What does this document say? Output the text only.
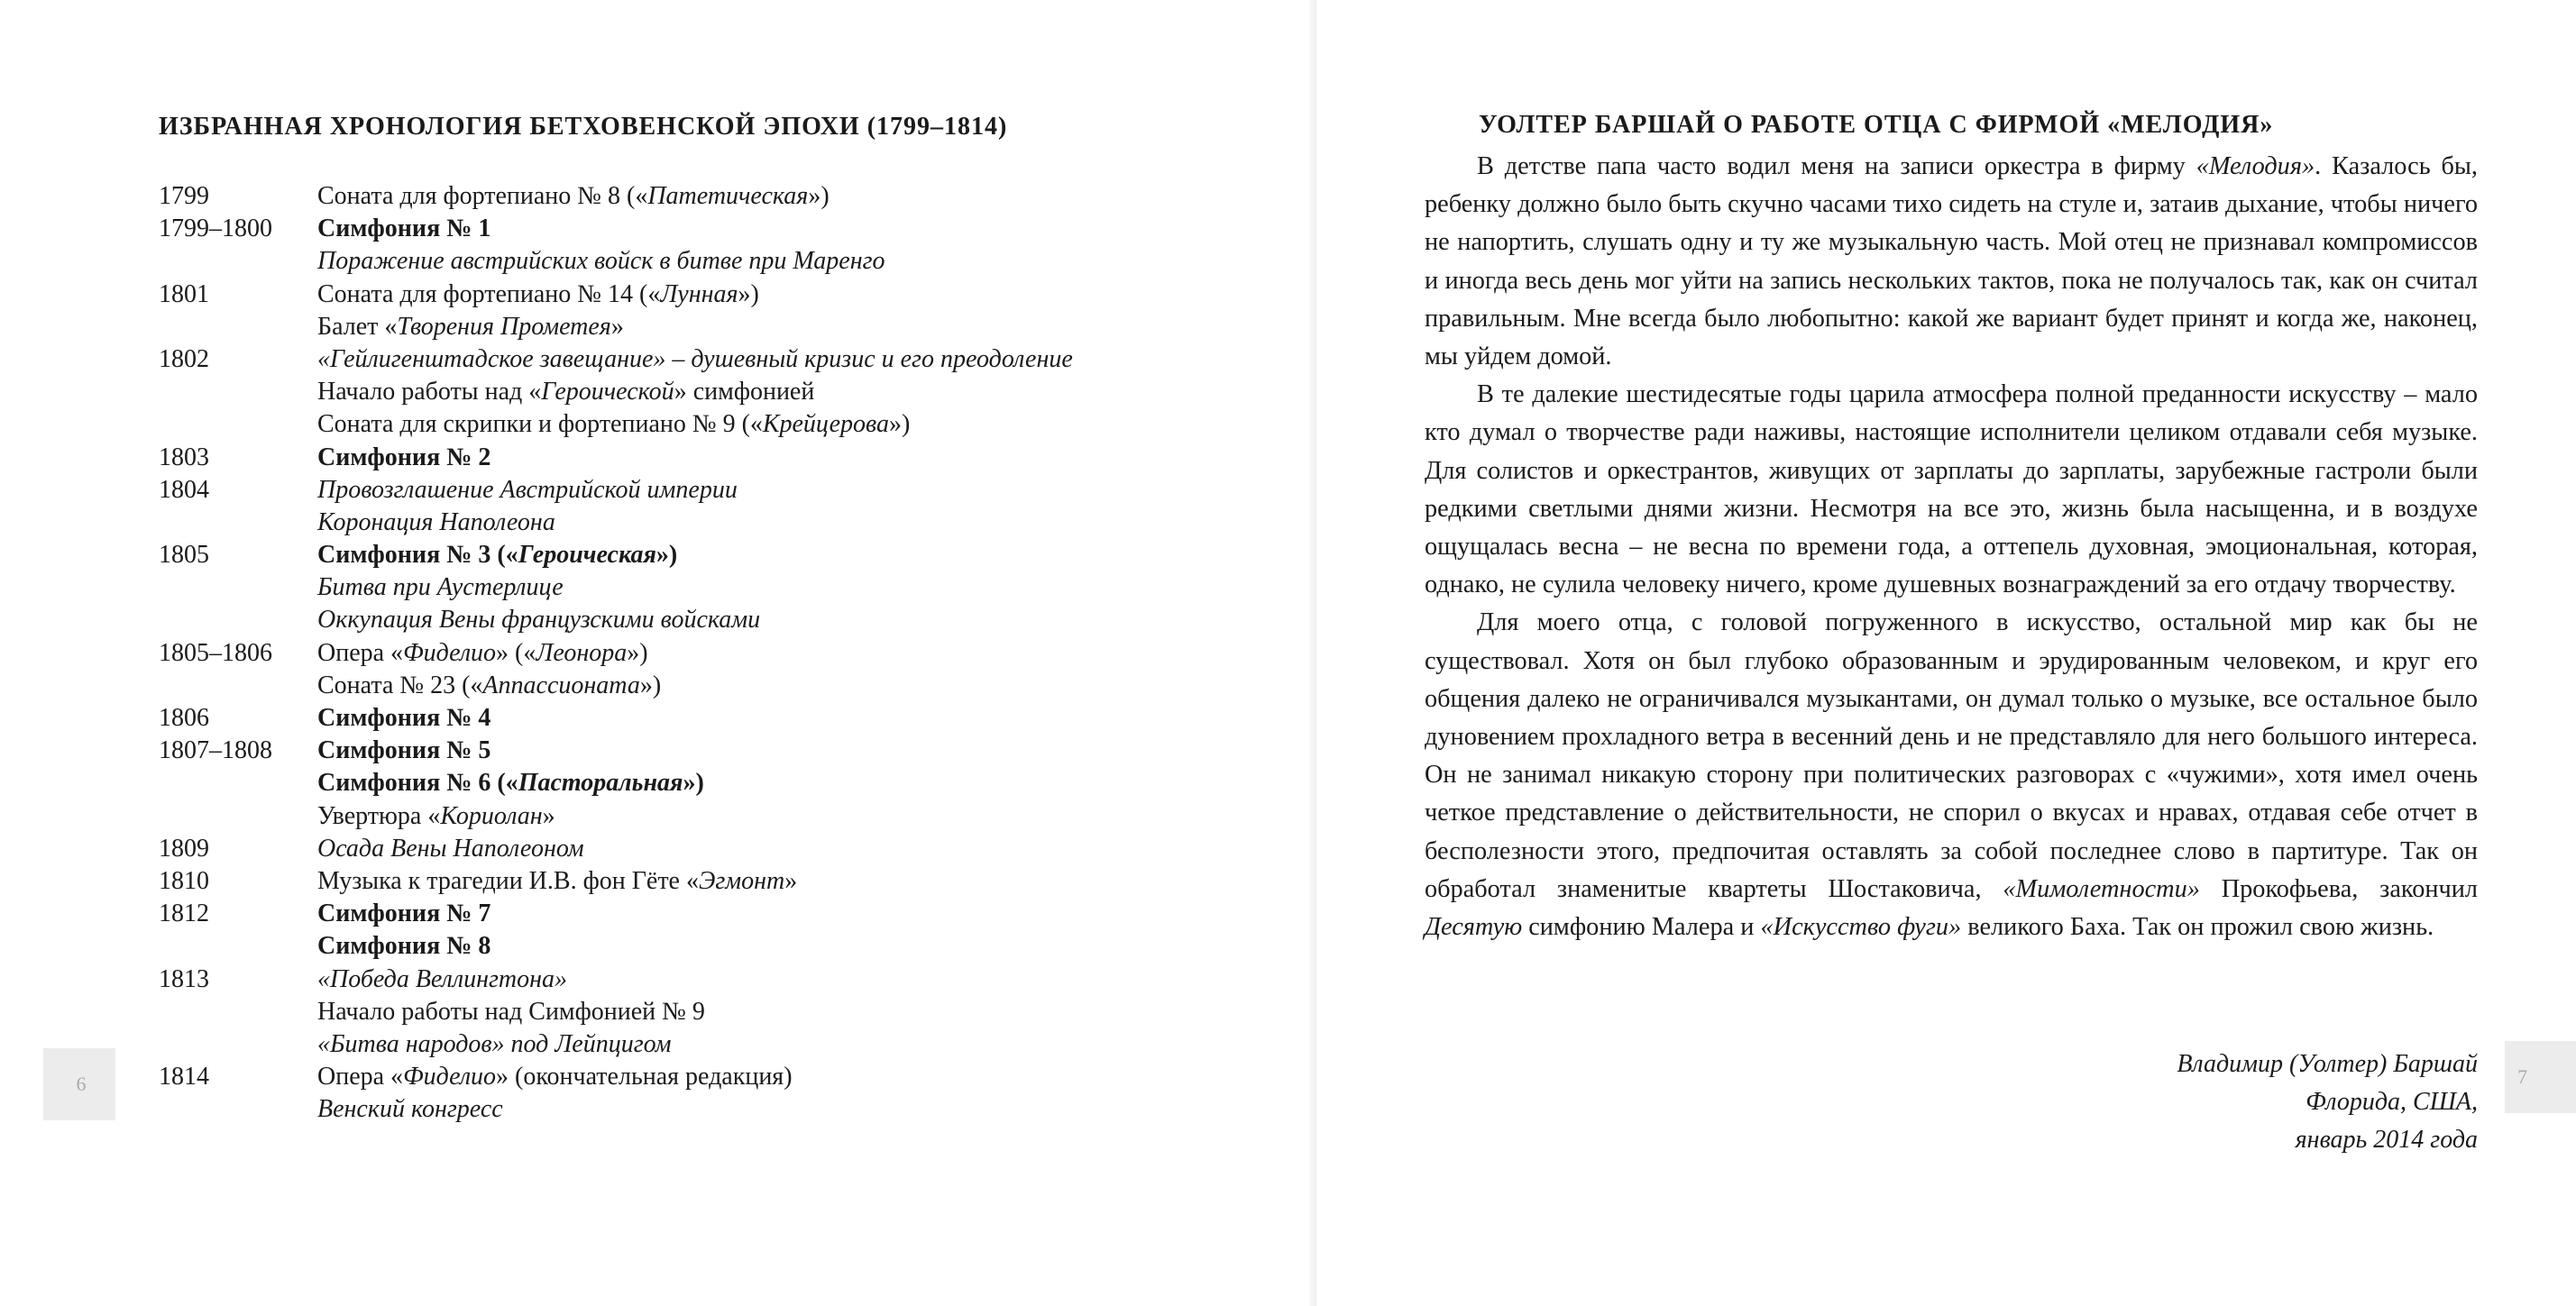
ИЗБРАННАЯ ХРОНОЛОГИЯ БЕТХОВЕНСКОЙ ЭПОХИ (1799–1814)
1799	Соната для фортепиано № 8 («Патетическая»)
1799–1800	Симфония № 1
Поражение австрийских войск в битве при Маренго
1801	Соната для фортепиано № 14 («Лунная»)
Балет «Творения Прометея»
1802	«Гейлигенштадское завещание» – душевный кризис и его преодоление
Начало работы над «Героической» симфонией
Соната для скрипки и фортепиано № 9 («Крейцерова»)
1803	Симфония № 2
1804	Провозглашение Австрийской империи
Коронация Наполеона
1805	Симфония № 3 («Героическая»)
Битва при Аустерлице
Оккупация Вены французскими войсками
1805–1806	Опера «Фиделио» («Леонора»)
Соната № 23 («Аппассионата»)
1806	Симфония № 4
1807–1808	Симфония № 5
Симфония № 6 («Пасторальная»)
Увертюра «Кориолан»
1809	Осада Вены Наполеоном
1810	Музыка к трагедии И.В. фон Гёте «Эгмонт»
1812	Симфония № 7
Симфония № 8
1813	«Победа Веллингтона»
Начало работы над Симфонией № 9
«Битва народов» под Лейпцигом
1814	Опера «Фиделио» (окончательная редакция)
Венский конгресс
6
УОЛТЕР БАРШАЙ О РАБОТЕ ОТЦА С ФИРМОЙ «МЕЛОДИЯ»

В детстве папа часто водил меня на записи оркестра в фирму «Мелодия». Казалось бы, ребенку должно было быть скучно часами тихо сидеть на стуле и, затаив дыхание, чтобы ничего не напортить, слушать одну и ту же музыкальную часть. Мой отец не признавал компромиссов и иногда весь день мог уйти на запись нескольких тактов, пока не получалось так, как он считал правильным. Мне всегда было любопытно: какой же вариант будет принят и когда же, наконец, мы уйдем домой.

В те далекие шестидесятые годы царила атмосфера полной преданности искусству – мало кто думал о творчестве ради наживы, настоящие исполнители целиком отдавали себя музыке. Для солистов и оркестрантов, живущих от зарплаты до зарплаты, зарубежные гастроли были редкими светлыми днями жизни. Несмотря на все это, жизнь была насыщенна, и в воздухе ощущалась весна – не весна по времени года, а оттепель духовная, эмоциональная, которая, однако, не сулила человеку ничего, кроме душевных вознаграждений за его отдачу творчеству.

Для моего отца, с головой погруженного в искусство, остальной мир как бы не существовал. Хотя он был глубоко образованным и эрудированным человеком, и круг его общения далеко не ограничивался музыкантами, он думал только о музыке, все остальное было дуновением прохладного ветра в весенний день и не представляло для него большого интереса. Он не занимал никакую сторону при политических разговорах с «чужими», хотя имел очень четкое представление о действительности, не спорил о вкусах и нравах, отдавая себе отчет в бесполезности этого, предпочитая оставлять за собой последнее слово в партитуре. Так он обработал знаменитые квартеты Шостаковича, «Мимолетности» Прокофьева, закончил Десятую симфонию Малера и «Искусство фуги» великого Баха. Так он прожил свою жизнь.

Владимир (Уолтер) Баршай
Флорида, США,
январь 2014 года
7
